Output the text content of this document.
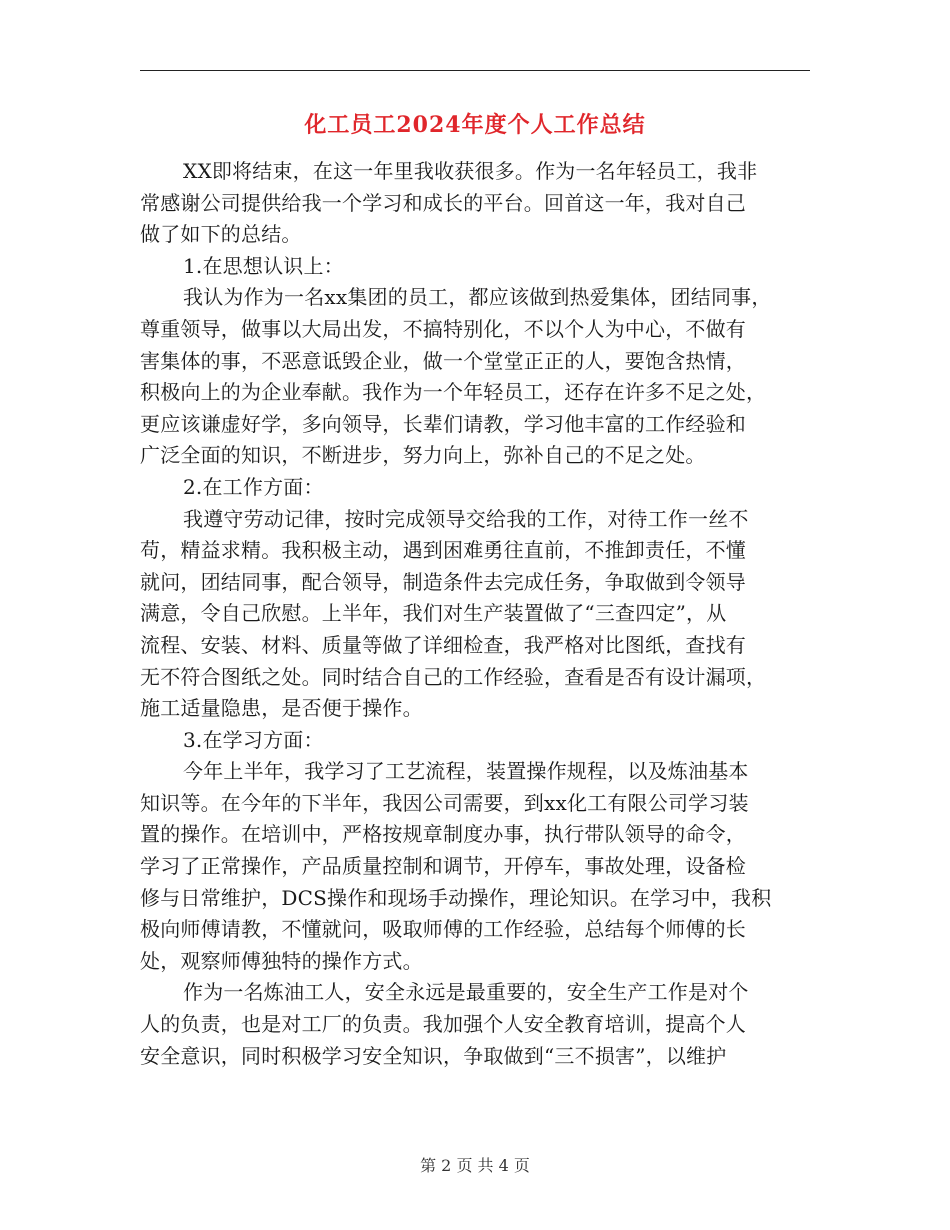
化工员工2024年度个人工作总结
XX即将结束，在这一年里我收获很多。作为一名年轻员工，我非
常感谢公司提供给我一个学习和成长的平台。回首这一年，我对自己
做了如下的总结。
1.在思想认识上：
我认为作为一名xx集团的员工，都应该做到热爱集体，团结同事，
尊重领导，做事以大局出发，不搞特别化，不以个人为中心，不做有
害集体的事，不恶意诋毁企业，做一个堂堂正正的人，要饱含热情，
积极向上的为企业奉献。我作为一个年轻员工，还存在许多不足之处，
更应该谦虚好学，多向领导，长辈们请教，学习他丰富的工作经验和
广泛全面的知识，不断进步，努力向上，弥补自己的不足之处。
2.在工作方面：
我遵守劳动记律，按时完成领导交给我的工作，对待工作一丝不
苟，精益求精。我积极主动，遇到困难勇往直前，不推卸责任，不懂
就问，团结同事，配合领导，制造条件去完成任务，争取做到令领导
满意，令自己欣慰。上半年，我们对生产装置做了“三查四定”，从
流程、安装、材料、质量等做了详细检查，我严格对比图纸，查找有
无不符合图纸之处。同时结合自己的工作经验，查看是否有设计漏项，
施工适量隐患，是否便于操作。
3.在学习方面：
今年上半年，我学习了工艺流程，装置操作规程，以及炼油基本
知识等。在今年的下半年，我因公司需要，到xx化工有限公司学习装
置的操作。在培训中，严格按规章制度办事，执行带队领导的命令，
学习了正常操作，产品质量控制和调节，开停车，事故处理，设备检
修与日常维护，DCS操作和现场手动操作，理论知识。在学习中，我积
极向师傅请教，不懂就问，吸取师傅的工作经验，总结每个师傅的长
处，观察师傅独特的操作方式。
作为一名炼油工人，安全永远是最重要的，安全生产工作是对个
人的负责，也是对工厂的负责。我加强个人安全教育培训，提高个人
安全意识，同时积极学习安全知识，争取做到“三不损害”，以维护
第 2 页 共 4 页
